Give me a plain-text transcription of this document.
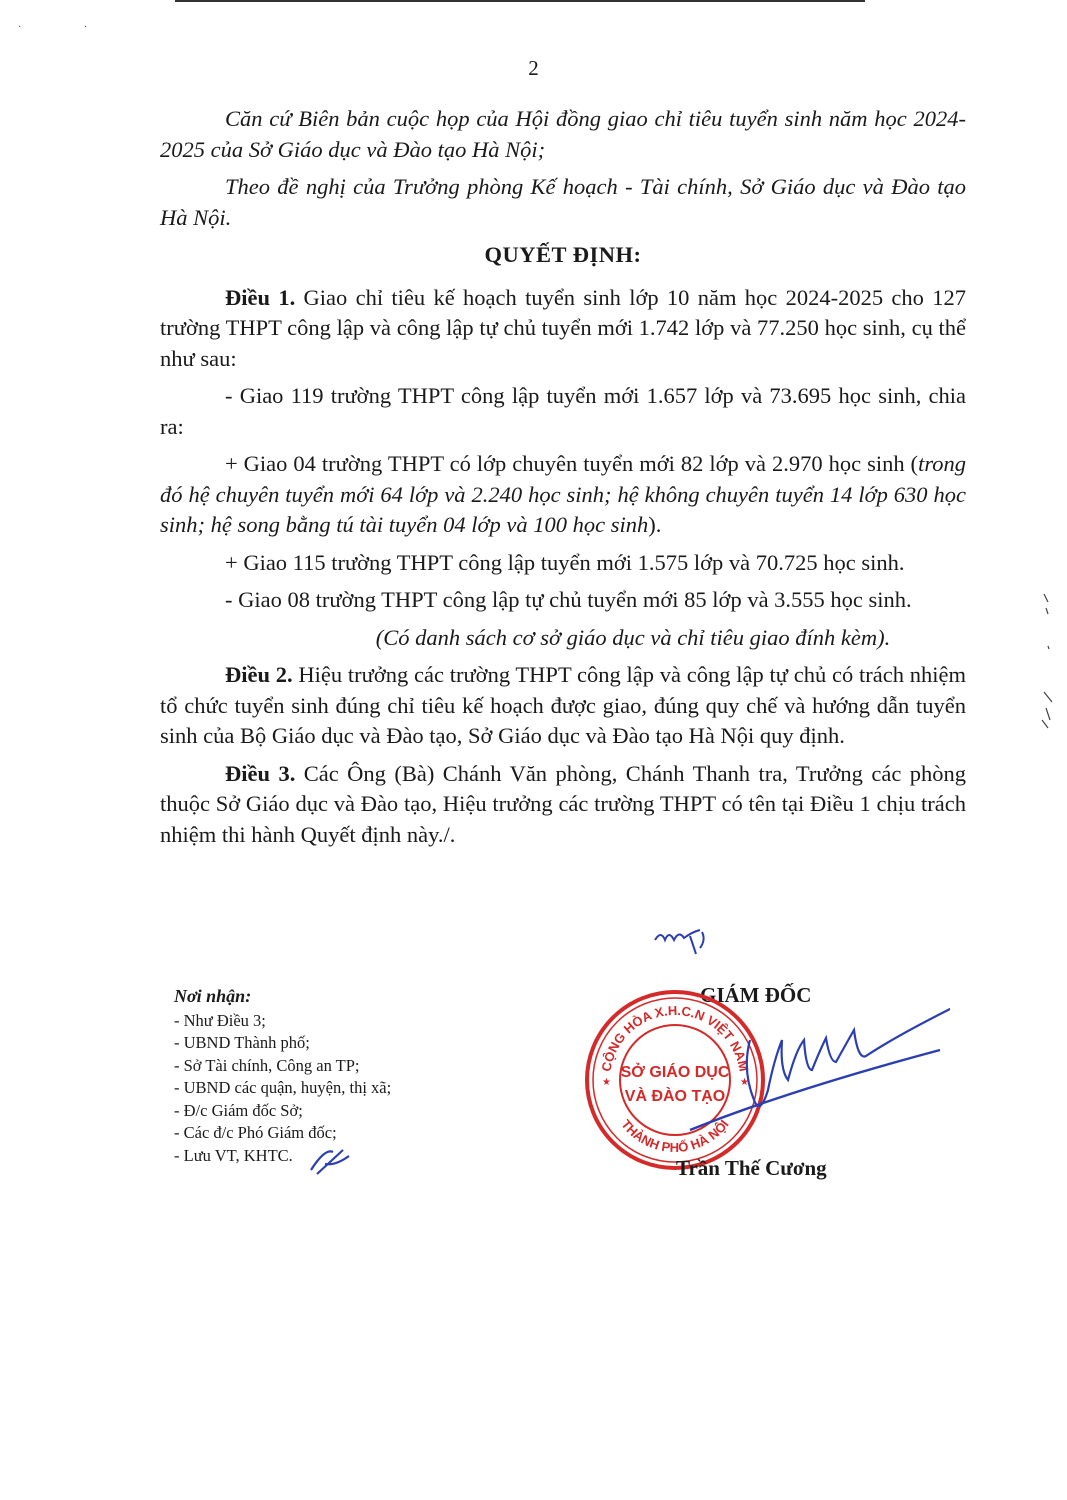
· ·
2

Căn cứ Biên bản cuộc họp của Hội đồng giao chỉ tiêu tuyển sinh năm học 2024-2025 của Sở Giáo dục và Đào tạo Hà Nội;

Theo đề nghị của Trưởng phòng Kế hoạch - Tài chính, Sở Giáo dục và Đào tạo Hà Nội.

QUYẾT ĐỊNH:

Điều 1. Giao chỉ tiêu kế hoạch tuyển sinh lớp 10 năm học 2024-2025 cho 127 trường THPT công lập và công lập tự chủ tuyển mới 1.742 lớp và 77.250 học sinh, cụ thể như sau:

- Giao 119 trường THPT công lập tuyển mới 1.657 lớp và 73.695 học sinh, chia ra:

+ Giao 04 trường THPT có lớp chuyên tuyển mới 82 lớp và 2.970 học sinh (trong đó hệ chuyên tuyển mới 64 lớp và 2.240 học sinh; hệ không chuyên tuyển 14 lớp 630 học sinh; hệ song bằng tú tài tuyển 04 lớp và 100 học sinh).

+ Giao 115 trường THPT công lập tuyển mới 1.575 lớp và 70.725 học sinh.

- Giao 08 trường THPT công lập tự chủ tuyển mới 85 lớp và 3.555 học sinh.

(Có danh sách cơ sở giáo dục và chỉ tiêu giao đính kèm).

Điều 2. Hiệu trưởng các trường THPT công lập và công lập tự chủ có trách nhiệm tổ chức tuyển sinh đúng chỉ tiêu kế hoạch được giao, đúng quy chế và hướng dẫn tuyển sinh của Bộ Giáo dục và Đào tạo, Sở Giáo dục và Đào tạo Hà Nội quy định.

Điều 3. Các Ông (Bà) Chánh Văn phòng, Chánh Thanh tra, Trưởng các phòng thuộc Sở Giáo dục và Đào tạo, Hiệu trưởng các trường THPT có tên tại Điều 1 chịu trách nhiệm thi hành Quyết định này./.

Nơi nhận:
- Như Điều 3;
- UBND Thành phố;
- Sở Tài chính, Công an TP;
- UBND các quận, huyện, thị xã;
- Đ/c Giám đốc Sở;
- Các đ/c Phó Giám đốc;
- Lưu VT, KHTC.
GIÁM ĐỐC
CỘNG HÒA X.H.C.N VIỆT NAM
THÀNH PHỐ HÀ NỘI
SỞ GIÁO DỤC
VÀ ĐÀO TẠO
★	★
Trần Thế Cương
